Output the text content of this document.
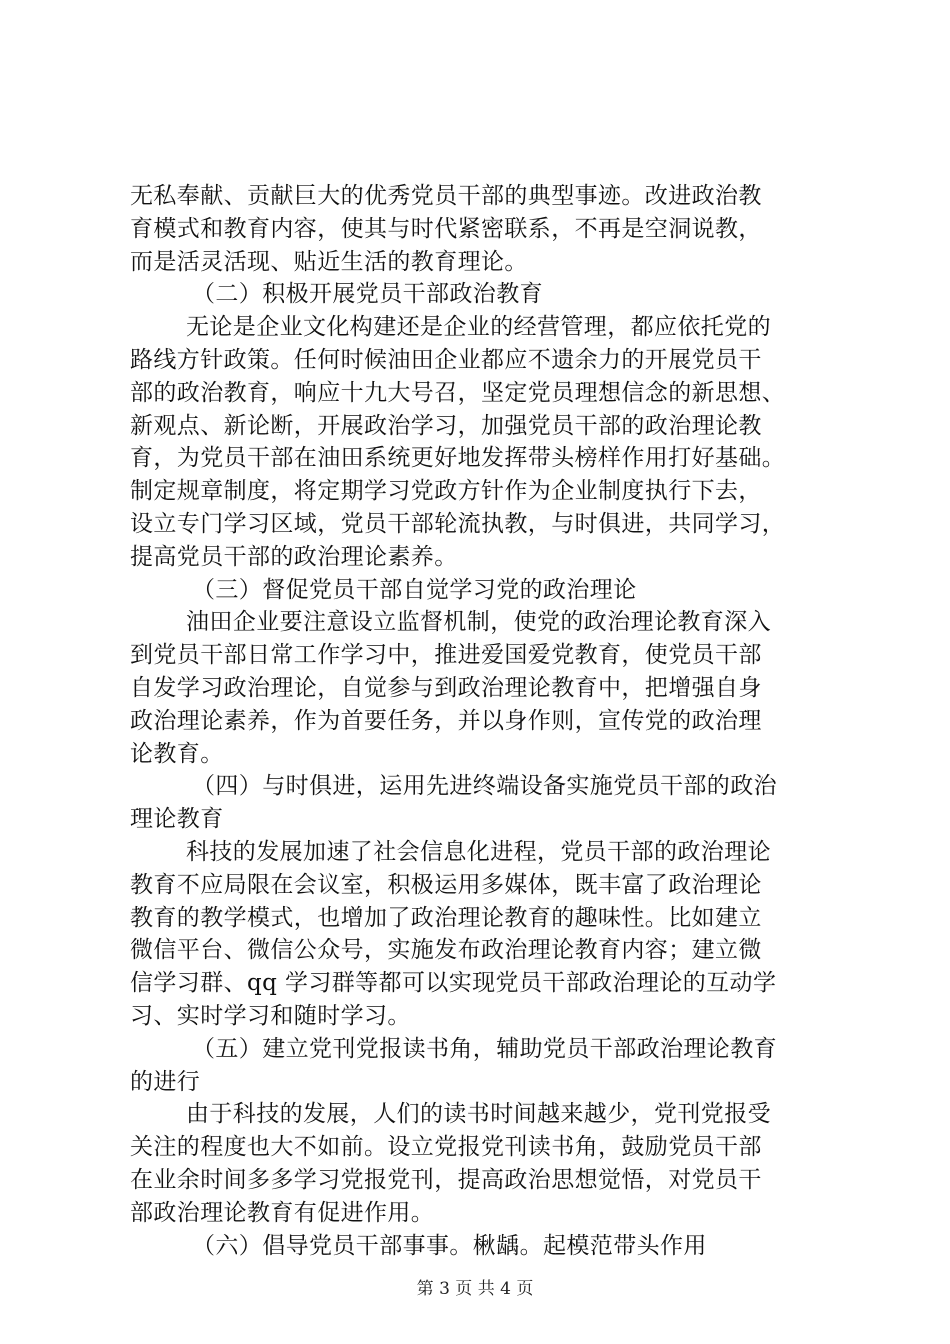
无私奉献、贡献巨大的优秀党员干部的典型事迹。改进政治教
育模式和教育内容，使其与时代紧密联系，不再是空洞说教，
而是活灵活现、贴近生活的教育理论。
（二）积极开展党员干部政治教育
无论是企业文化构建还是企业的经营管理，都应依托党的
路线方针政策。任何时候油田企业都应不遗余力的开展党员干
部的政治教育，响应十九大号召，坚定党员理想信念的新思想、
新观点、新论断，开展政治学习，加强党员干部的政治理论教
育，为党员干部在油田系统更好地发挥带头榜样作用打好基础。
制定规章制度，将定期学习党政方针作为企业制度执行下去，
设立专门学习区域，党员干部轮流执教，与时俱进，共同学习，
提高党员干部的政治理论素养。
（三）督促党员干部自觉学习党的政治理论
油田企业要注意设立监督机制，使党的政治理论教育深入
到党员干部日常工作学习中，推进爱国爱党教育，使党员干部
自发学习政治理论，自觉参与到政治理论教育中，把增强自身
政治理论素养，作为首要任务，并以身作则，宣传党的政治理
论教育。
（四）与时俱进，运用先进终端设备实施党员干部的政治
理论教育
科技的发展加速了社会信息化进程，党员干部的政治理论
教育不应局限在会议室，积极运用多媒体，既丰富了政治理论
教育的教学模式，也增加了政治理论教育的趣味性。比如建立
微信平台、微信公众号，实施发布政治理论教育内容；建立微
信学习群、qq 学习群等都可以实现党员干部政治理论的互动学
习、实时学习和随时学习。
（五）建立党刊党报读书角，辅助党员干部政治理论教育
的进行
由于科技的发展，人们的读书时间越来越少，党刊党报受
关注的程度也大不如前。设立党报党刊读书角，鼓励党员干部
在业余时间多多学习党报党刊，提高政治思想觉悟，对党员干
部政治理论教育有促进作用。
（六）倡导党员干部事事。楸龋。起模范带头作用
第 3 页 共 4 页
